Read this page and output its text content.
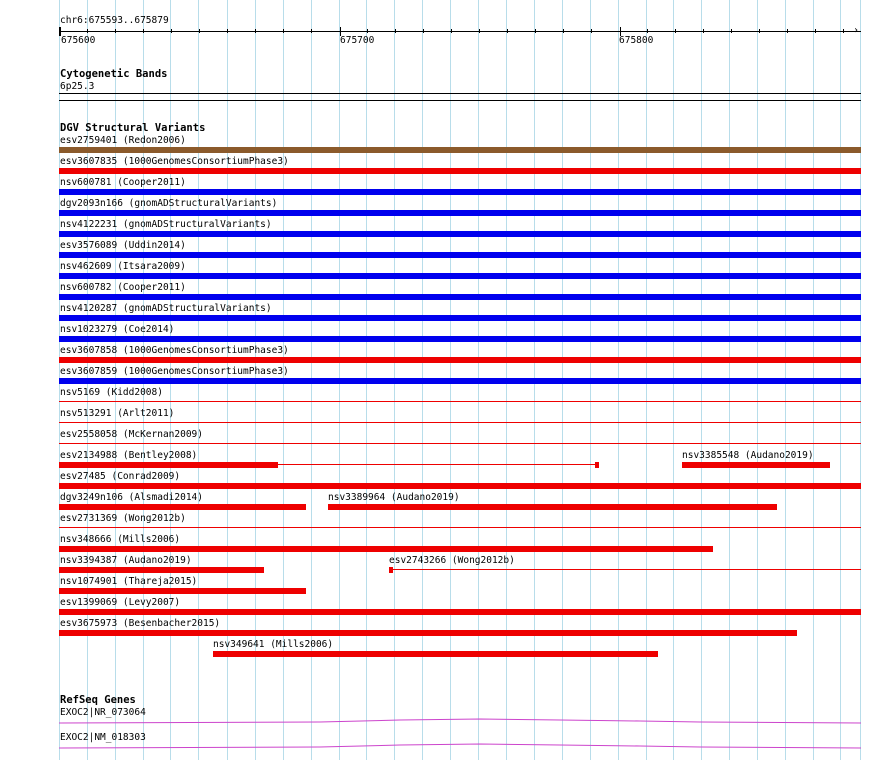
chr6:675593..675879
›
675600	675700	675800
Cytogenetic Bands
6p25.3
DGV Structural Variants
esv2759401 (Redon2006)
esv3607835 (1000GenomesConsortiumPhase3)
nsv600781 (Cooper2011)
dgv2093n166 (gnomADStructuralVariants)
nsv4122231 (gnomADStructuralVariants)
esv3576089 (Uddin2014)
nsv462609 (Itsara2009)
nsv600782 (Cooper2011)
nsv4120287 (gnomADStructuralVariants)
nsv1023279 (Coe2014)
esv3607858 (1000GenomesConsortiumPhase3)
esv3607859 (1000GenomesConsortiumPhase3)
nsv5169 (Kidd2008)
nsv513291 (Arlt2011)
esv2558058 (McKernan2009)
esv2134988 (Bentley2008)	nsv3385548 (Audano2019)
esv27485 (Conrad2009)
dgv3249n106 (Alsmadi2014)	nsv3389964 (Audano2019)
esv2731369 (Wong2012b)
nsv348666 (Mills2006)
nsv3394387 (Audano2019)	esv2743266 (Wong2012b)
nsv1074901 (Thareja2015)
esv1399069 (Levy2007)
esv3675973 (Besenbacher2015)
nsv349641 (Mills2006)
RefSeq Genes
EXOC2|NR_073064
EXOC2|NM_018303
